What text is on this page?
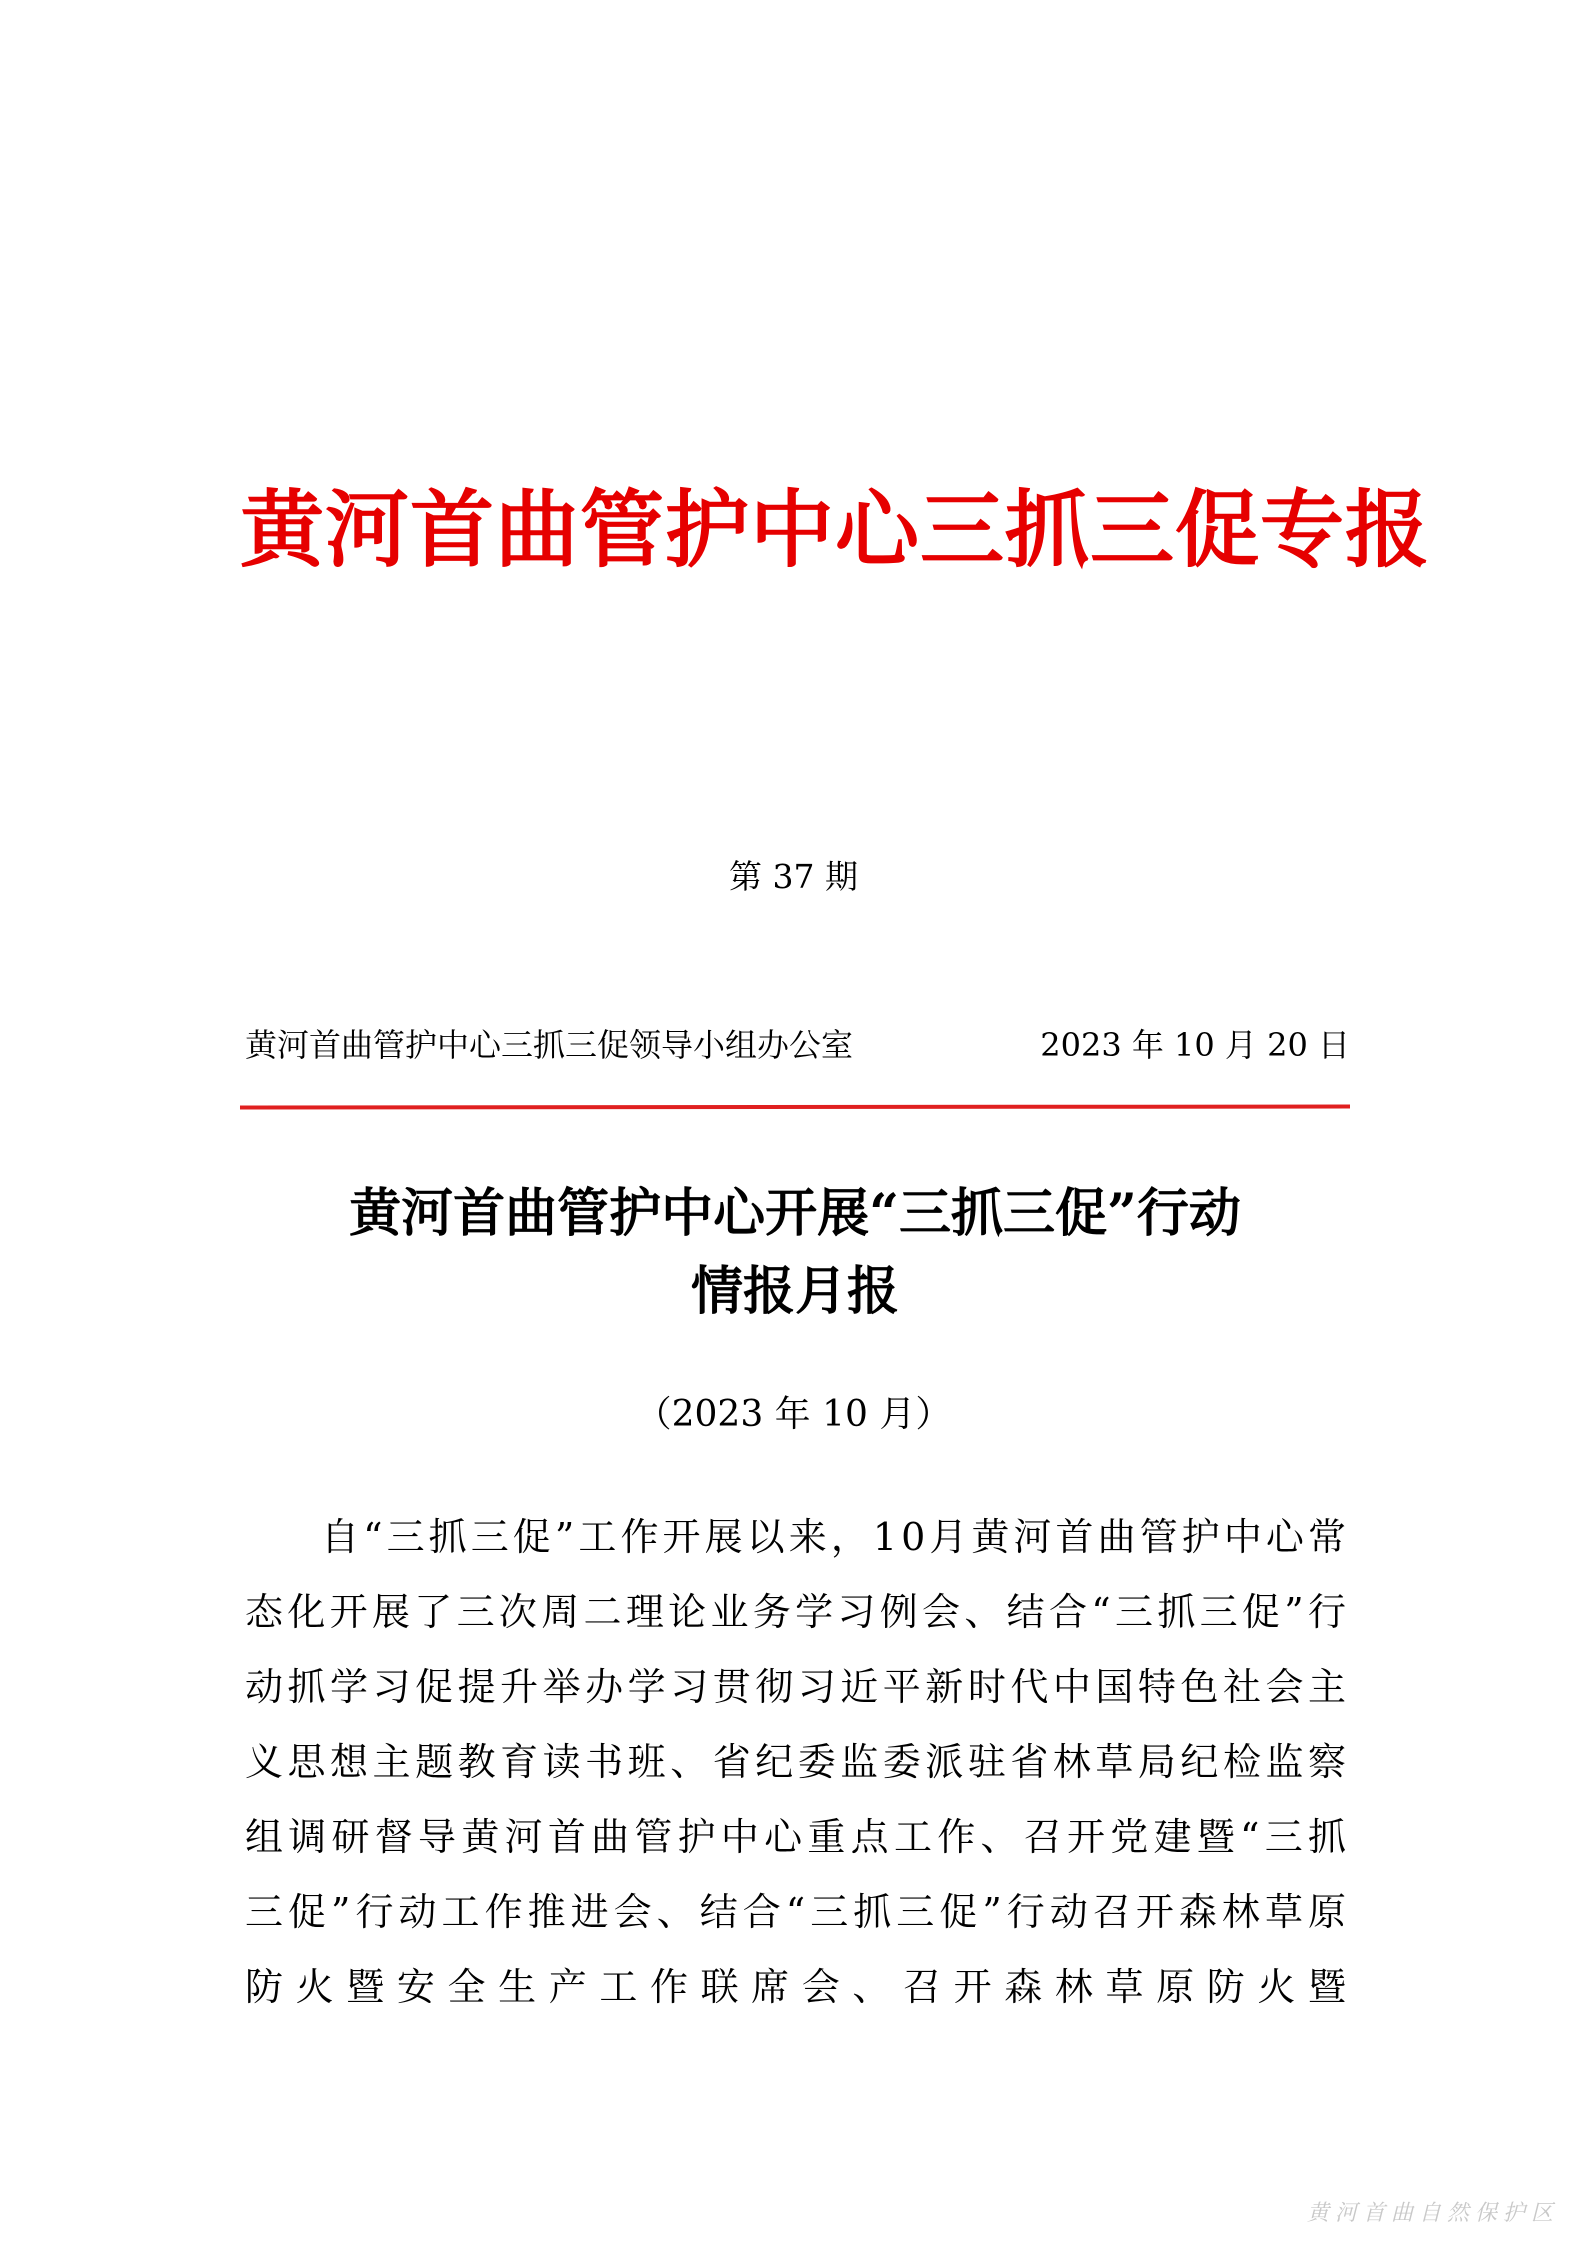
黄河首曲管护中心三抓三促专报
第 37 期
黄河首曲管护中心三抓三促领导小组办公室	2023 年 10 月 20 日
黄河首曲管护中心开展“三抓三促”行动
情报月报
（2023 年 10 月）

自“三抓三促”工作开展以来，10月黄河首曲管护中心常态化开展了三次周二理论业务学习例会、结合“三抓三促”行动抓学习促提升举办学习贯彻习近平新时代中国特色社会主义思想主题教育读书班、省纪委监委派驻省林草局纪检监察组调研督导黄河首曲管护中心重点工作、召开党建暨“三抓三促”行动工作推进会、结合“三抓三促”行动召开森林草原防火暨安全生产工作联席会、召开森林草原防火暨

黄河首曲自然保护区
